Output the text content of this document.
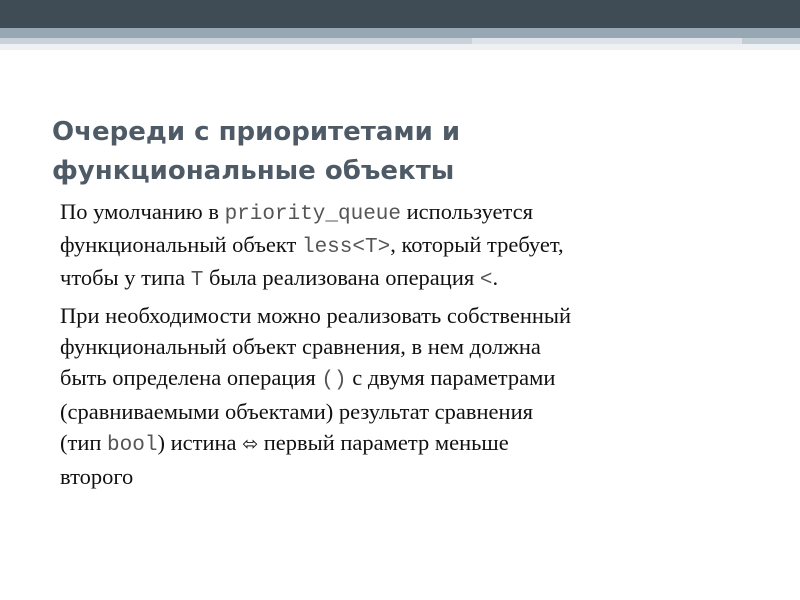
Очереди с приоритетами и
функциональные объекты

По умолчанию в priority_queue используется
функциональный объект less<T>, который требует,
чтобы у типа T была реализована операция <.

При необходимости можно реализовать собственный
функциональный объект сравнения, в нем должна
быть определена операция () с двумя параметрами
(сравниваемыми объектами) результат сравнения
(тип bool) истина ⬄ первый параметр меньше
второго
